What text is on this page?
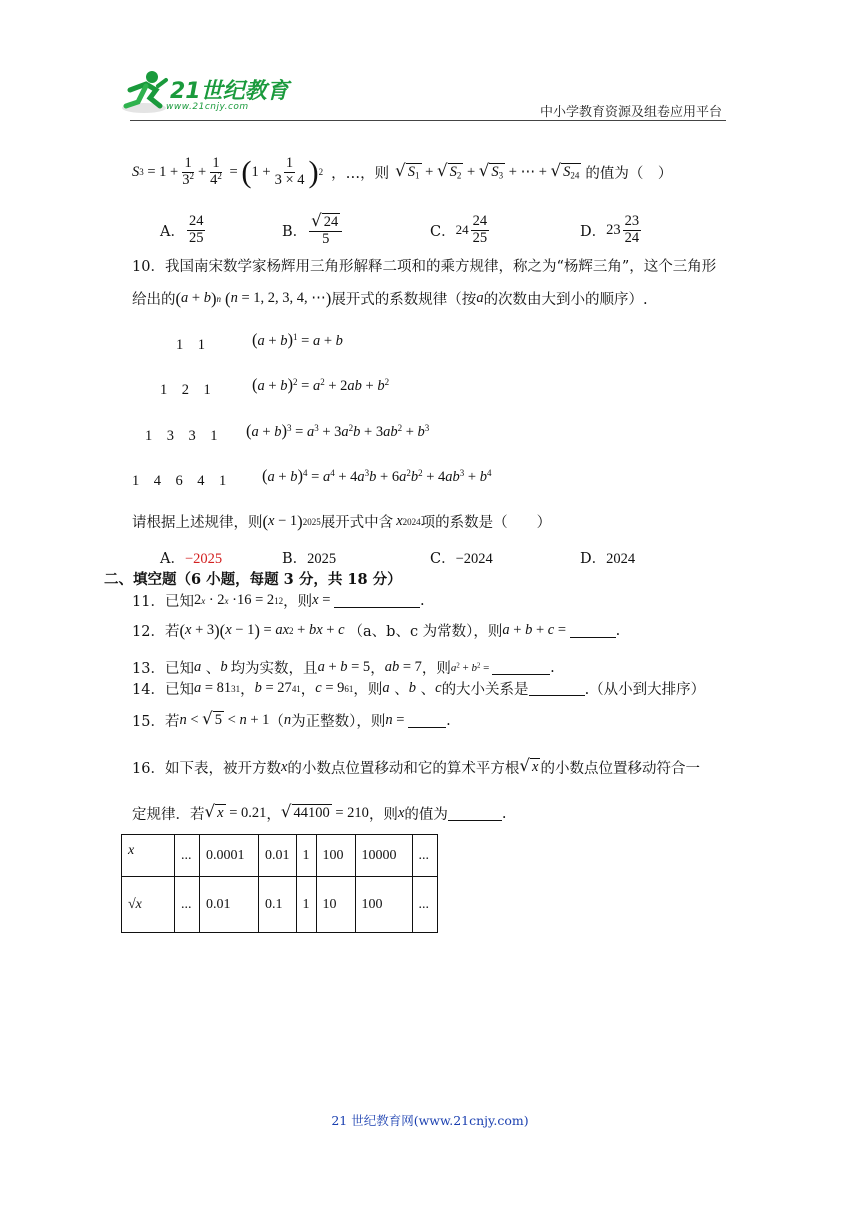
21世纪教育
www.21cnjy.com	中小学教育资源及组卷应用平台
S $3 = 1 + \frac{1}{3^2} + \frac{1}{4^2}$ = ( $1 + \frac{1}{3 \times 4}$ ) 2 ，…，则 √ $S_1$ + √ $S_2$ + √ $S_3$ + ⋯ + √ $S_{24}$ 的值为（　）
A． $\frac{24}{25}$	B． $\frac{√ 24}{5}$	C． $24 \frac{24}{25}$	D． $23 \frac{23}{24}$
10．我国南宋数学家杨辉用三角形解释二项和的乘方规律，称之为“杨辉三角”，这个三角形
给出的 ( a + b ) n ( n = 1, 2, 3, 4, ⋯ ) 展开式的系数规律（按 a 的次数由大到小的顺序）.
1　1	$(a + b)^1 = a + b$
1　2　1 $(a + b)^2 = a^2 + 2ab + b^2$
1　3　3　1 $(a + b)^3 = a^3 + 3a^2b + 3ab^2 + b^3$
1　4　6　4　1 $(a + b)^4 = a^4 + 4a^3b + 6a^2b^2 + 4ab^3 + b^4$
请根据上述规律，则 ( x − 1 ) 2025 展开式中含 x 2024 项的系数是（　　）
A．−2025	B．2025	C．−2024	D．2024
二、填空题（6 小题，每题 3 分，共 18 分）
11．已知 2 x · 2 x ·16 = 2 12 ，则 x =	.
12．若 ( x + 3 ) ( x − 1 ) = ax 2 + bx + c （a、b、c 为常数），则 a + b + c =	.
13．已知 a 、 b 均为实数，且 a + b = 5 ， ab = 7 ，则 $a^2 + b^2$ =	.
14．已知 a = 81 31 ， b = 27 41 ， c = 9 61 ，则 a 、 b 、 c 的大小关系是	.（从小到大排序）
15．若 n < √ 5 < n + 1 （ n 为正整数），则 n =	.
16．如下表，被开方数 x 的小数点位置移动和它的算术平方根 √ x 的小数点位置移动符合一
定规律．若 √ x = 0.21 ， √ 44100 = 210 ，则 x 的值为	.
x	...	0.0001	0.01	1	100	10000	...
√x	...	0.01	0.1	1	10	100	...
21 世纪教育网(www.21cnjy.com)
